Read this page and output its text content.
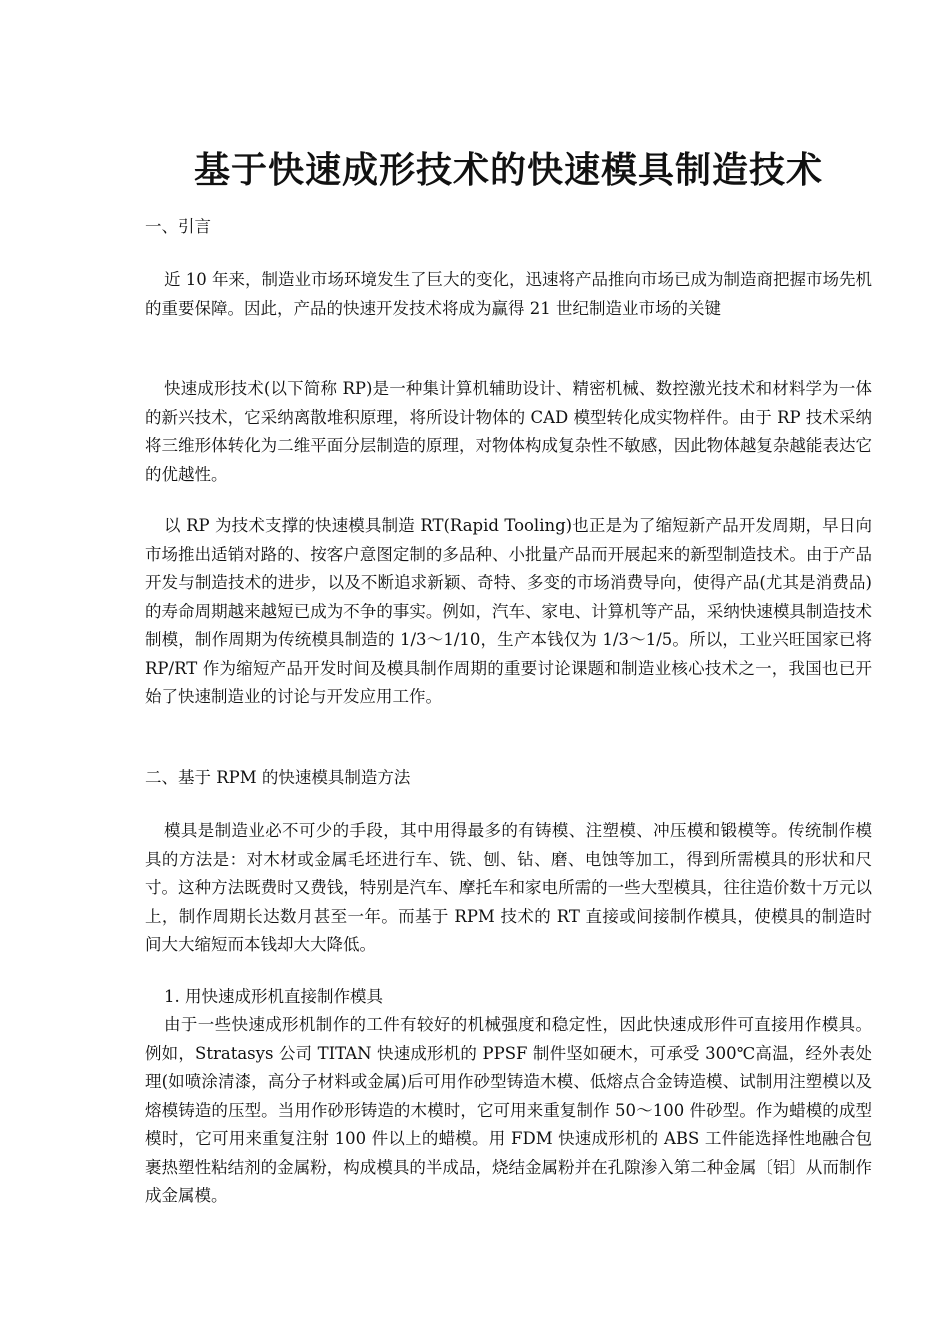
基于快速成形技术的快速模具制造技术

一、引言

近 10 年来，制造业市场环境发生了巨大的变化，迅速将产品推向市场已成为制造商把握市场先机的重要保障。因此，产品的快速开发技术将成为赢得 21 世纪制造业市场的关键

快速成形技术(以下简称 RP)是一种集计算机辅助设计、精密机械、数控激光技术和材料学为一体的新兴技术，它采纳离散堆积原理，将所设计物体的 CAD 模型转化成实物样件。由于 RP 技术采纳将三维形体转化为二维平面分层制造的原理，对物体构成复杂性不敏感，因此物体越复杂越能表达它的优越性。

以 RP 为技术支撑的快速模具制造 RT(Rapid Tooling)也正是为了缩短新产品开发周期，早日向市场推出适销对路的、按客户意图定制的多品种、小批量产品而开展起来的新型制造技术。由于产品开发与制造技术的进步，以及不断追求新颖、奇特、多变的市场消费导向，使得产品(尤其是消费品)的寿命周期越来越短已成为不争的事实。例如，汽车、家电、计算机等产品，采纳快速模具制造技术制模，制作周期为传统模具制造的 1/3～1/10，生产本钱仅为 1/3～1/5。所以，工业兴旺国家已将 RP/RT 作为缩短产品开发时间及模具制作周期的重要讨论课题和制造业核心技术之一，我国也已开始了快速制造业的讨论与开发应用工作。

二、基于 RPM 的快速模具制造方法

模具是制造业必不可少的手段，其中用得最多的有铸模、注塑模、冲压模和锻模等。传统制作模具的方法是：对木材或金属毛坯进行车、铣、刨、钻、磨、电蚀等加工，得到所需模具的形状和尺寸。这种方法既费时又费钱，特别是汽车、摩托车和家电所需的一些大型模具，往往造价数十万元以上，制作周期长达数月甚至一年。而基于 RPM 技术的 RT 直接或间接制作模具，使模具的制造时间大大缩短而本钱却大大降低。

1. 用快速成形机直接制作模具

由于一些快速成形机制作的工件有较好的机械强度和稳定性，因此快速成形件可直接用作模具。例如，Stratasys 公司 TITAN 快速成形机的 PPSF 制件坚如硬木，可承受 300℃高温，经外表处理(如喷涂清漆，高分子材料或金属)后可用作砂型铸造木模、低熔点合金铸造模、试制用注塑模以及熔模铸造的压型。当用作砂形铸造的木模时，它可用来重复制作 50～100 件砂型。作为蜡模的成型模时，它可用来重复注射 100 件以上的蜡模。用 FDM 快速成形机的 ABS 工件能选择性地融合包裹热塑性粘结剂的金属粉，构成模具的半成品，烧结金属粉并在孔隙渗入第二种金属〔铝〕从而制作成金属模。
